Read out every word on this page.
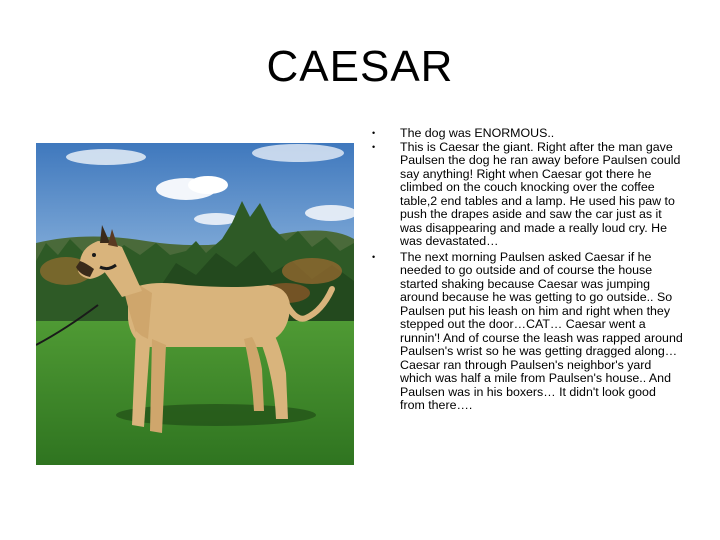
CAESAR
• The dog was ENORMOUS..
• This is Caesar the giant. Right after the man gave Paulsen the dog he ran away before Paulsen could say anything! Right when Caesar got there he climbed on the couch knocking over the coffee table,2 end tables and a lamp. He used his paw to push the drapes aside and saw the car just as it was disappearing and made a really loud cry. He was devastated…
• The next morning Paulsen asked Caesar if he needed to go outside and of course the house started shaking because Caesar was jumping around because he was getting to go outside.. So Paulsen put his leash on him and right when they stepped out the door…CAT… Caesar went a runnin'! And of course the leash was rapped around Paulsen's wrist so he was getting dragged along… Caesar ran through Paulsen's neighbor's yard which was half a mile from Paulsen's house.. And Paulsen was in his boxers… It didn't look good from there….
